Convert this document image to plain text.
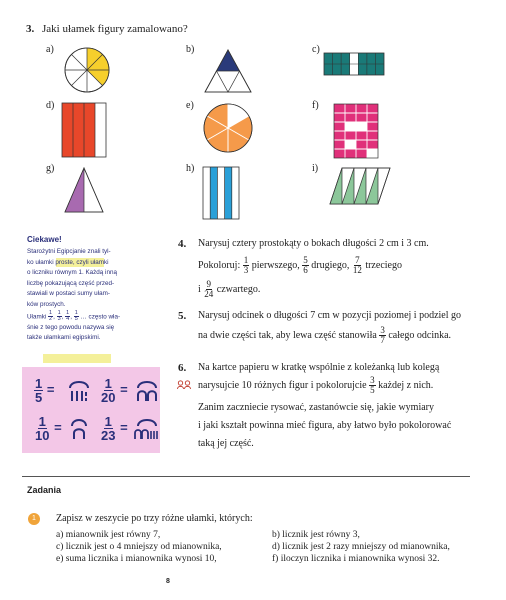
3. Jaki ułamek figury zamalowano?
a)	b)	c)
d)	e)	f)
g)	h)	i)
Ciekawe!
Starożytni Egipcjanie znali tyl-
ko ułamki proste, czyli ułamki
o liczniku równym 1. Każdą inną
liczbę pokazującą część przed-
stawiali w postaci sumy ułam-
ków prostych.
Ułamki $\frac{1}{2}$ , $\frac{1}{3}$ , $\frac{1}{4}$ , $\frac{1}{5}$ … często wła-
śnie z tego powodu nazywa się
także ułamkami egipskimi.
$\frac{1}{5}$ =	$\frac{1}{20}$ =
$\frac{1}{10}$ =	$\frac{1}{23}$ =
4. Narysuj cztery prostokąty o bokach długości 2 cm i 3 cm.
Pokoloruj: $\frac{1}{3}$ pierwszego, $\frac{5}{6}$ drugiego, $\frac{7}{12}$ trzeciego
i $\frac{9}{24}$ czwartego.
5. Narysuj odcinek o długości 7 cm w pozycji poziomej i podziel go
na dwie części tak, aby lewa część stanowiła $\frac{3}{7}$ całego odcinka.
6. Na kartce papieru w kratkę wspólnie z koleżanką lub kolegą
narysujcie 10 różnych figur i pokolorujcie $\frac{3}{5}$ każdej z nich.
Zanim zaczniecie rysować, zastanówcie się, jakie wymiary
i jaki kształt powinna mieć figura, aby łatwo było pokolorować
taką jej część.
Zadania
1	Zapisz w zeszycie po trzy różne ułamki, których:
a) mianownik jest równy 7,	b) licznik jest równy 3,
c) licznik jest o 4 mniejszy od mianownika,	d) licznik jest 2 razy mniejszy od mianownika,
e) suma licznika i mianownika wynosi 10,	f) iloczyn licznika i mianownika wynosi 32.
8
